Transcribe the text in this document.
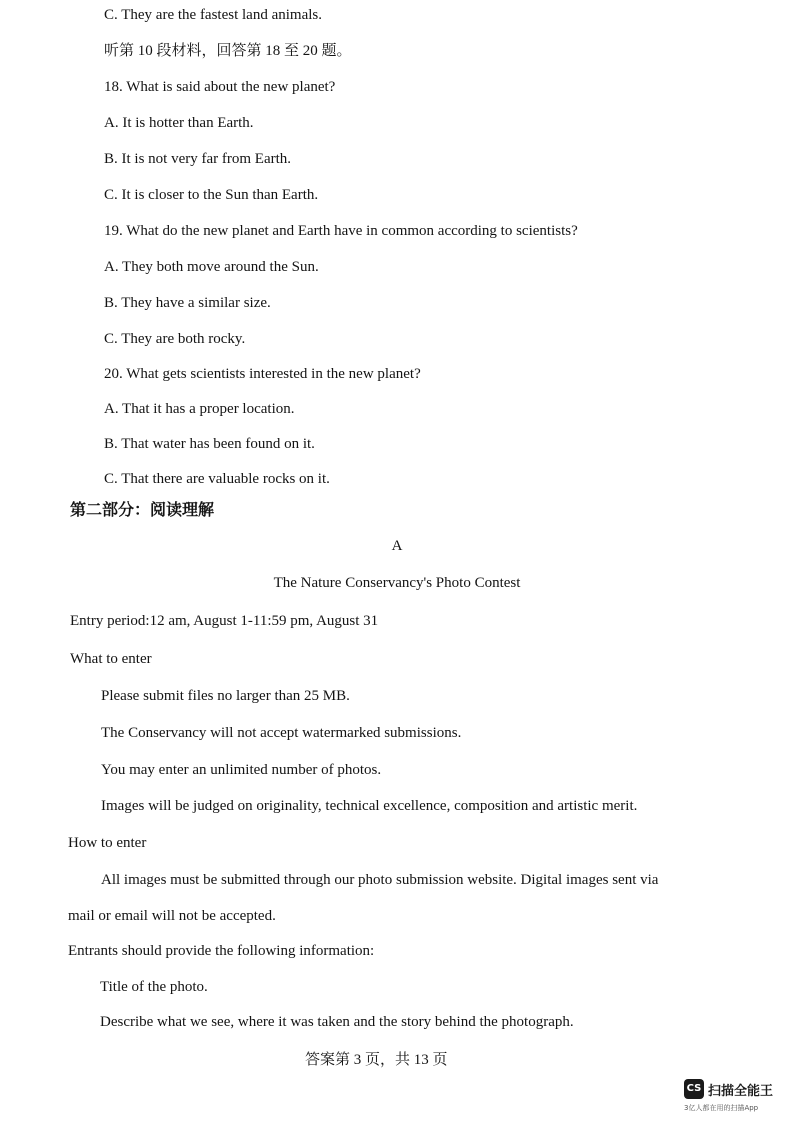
C. They are the fastest land animals.
听第 10 段材料，回答第 18 至 20 题。
18. What is said about the new planet?
A. It is hotter than Earth.
B. It is not very far from Earth.
C. It is closer to the Sun than Earth.
19. What do the new planet and Earth have in common according to scientists?
A. They both move around the Sun.
B. They have a similar size.
C. They are both rocky.
20. What gets scientists interested in the new planet?
A. That it has a proper location.
B. That water has been found on it.
C. That there are valuable rocks on it.
第二部分：阅读理解
A
The Nature Conservancy's Photo Contest
Entry period:12 am, August 1-11:59 pm, August 31
What to enter
Please submit files no larger than 25 MB.
The Conservancy will not accept watermarked submissions.
You may enter an unlimited number of photos.
Images will be judged on originality, technical excellence, composition and artistic merit.
How to enter
All images must be submitted through our photo submission website. Digital images sent via
mail or email will not be accepted.
Entrants should provide the following information:
Title of the photo.
Describe what we see, where it was taken and the story behind the photograph.
答案第 3 页，共 13 页
CS 扫描全能王
3亿人都在用的扫描App
